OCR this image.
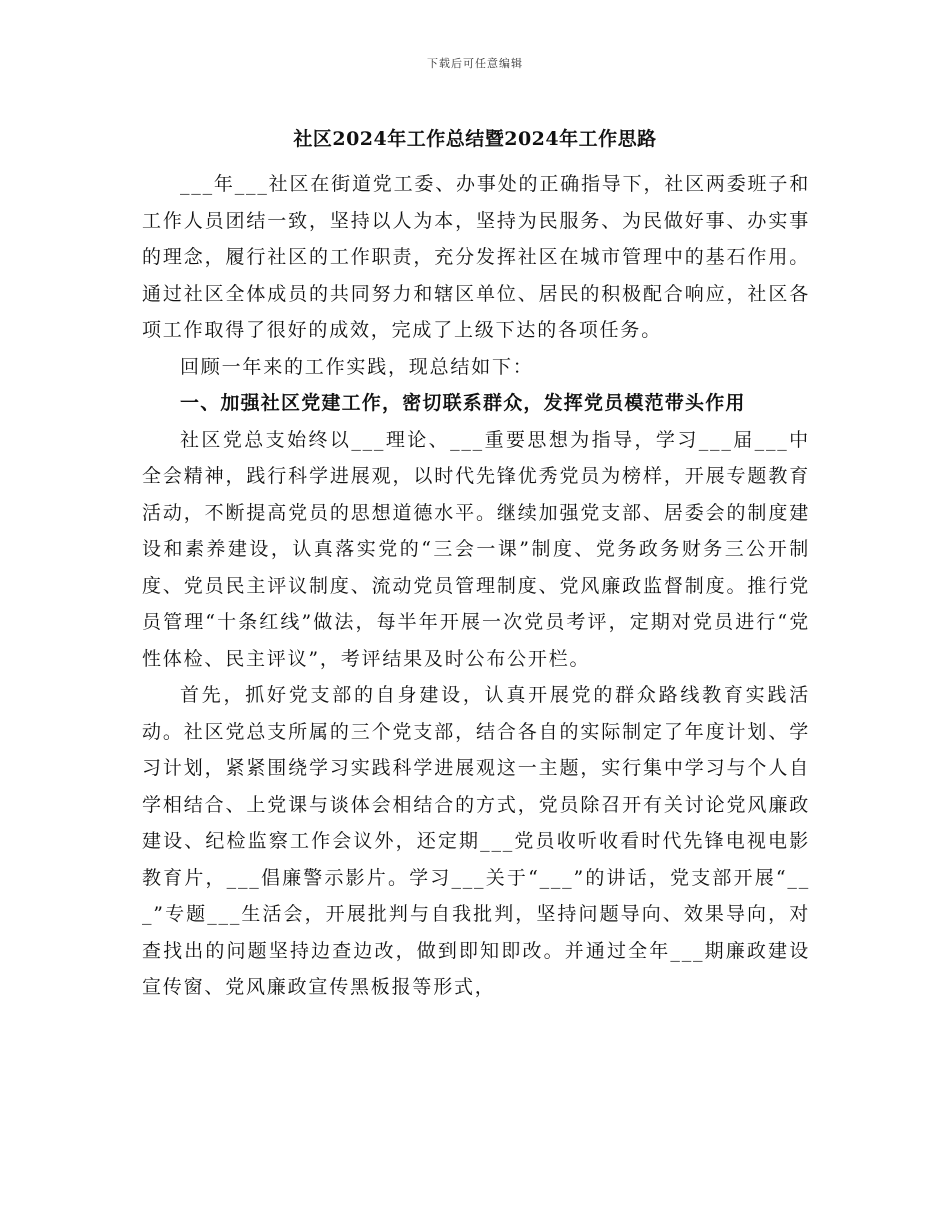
下载后可任意编辑
社区2024年工作总结暨2024年工作思路

___年___社区在街道党工委、办事处的正确指导下，社区两委班子和工作人员团结一致，坚持以人为本，坚持为民服务、为民做好事、办实事的理念，履行社区的工作职责，充分发挥社区在城市管理中的基石作用。通过社区全体成员的共同努力和辖区单位、居民的积极配合响应，社区各项工作取得了很好的成效，完成了上级下达的各项任务。

回顾一年来的工作实践，现总结如下：

一、加强社区党建工作，密切联系群众，发挥党员模范带头作用

社区党总支始终以___理论、___重要思想为指导，学习___届___中全会精神，践行科学进展观，以时代先锋优秀党员为榜样，开展专题教育活动，不断提高党员的思想道德水平。继续加强党支部、居委会的制度建设和素养建设，认真落实党的“三会一课”制度、党务政务财务三公开制度、党员民主评议制度、流动党员管理制度、党风廉政监督制度。推行党员管理“十条红线”做法，每半年开展一次党员考评，定期对党员进行“党性体检、民主评议”，考评结果及时公布公开栏。

首先，抓好党支部的自身建设，认真开展党的群众路线教育实践活动。社区党总支所属的三个党支部，结合各自的实际制定了年度计划、学习计划，紧紧围绕学习实践科学进展观这一主题，实行集中学习与个人自学相结合、上党课与谈体会相结合的方式，党员除召开有关讨论党风廉政建设、纪检监察工作会议外，还定期___党员收听收看时代先锋电视电影教育片，___倡廉警示影片。学习___关于“___”的讲话，党支部开展“___”专题___生活会，开展批判与自我批判，坚持问题导向、效果导向，对查找出的问题坚持边查边改，做到即知即改。并通过全年___期廉政建设宣传窗、党风廉政宣传黑板报等形式，
